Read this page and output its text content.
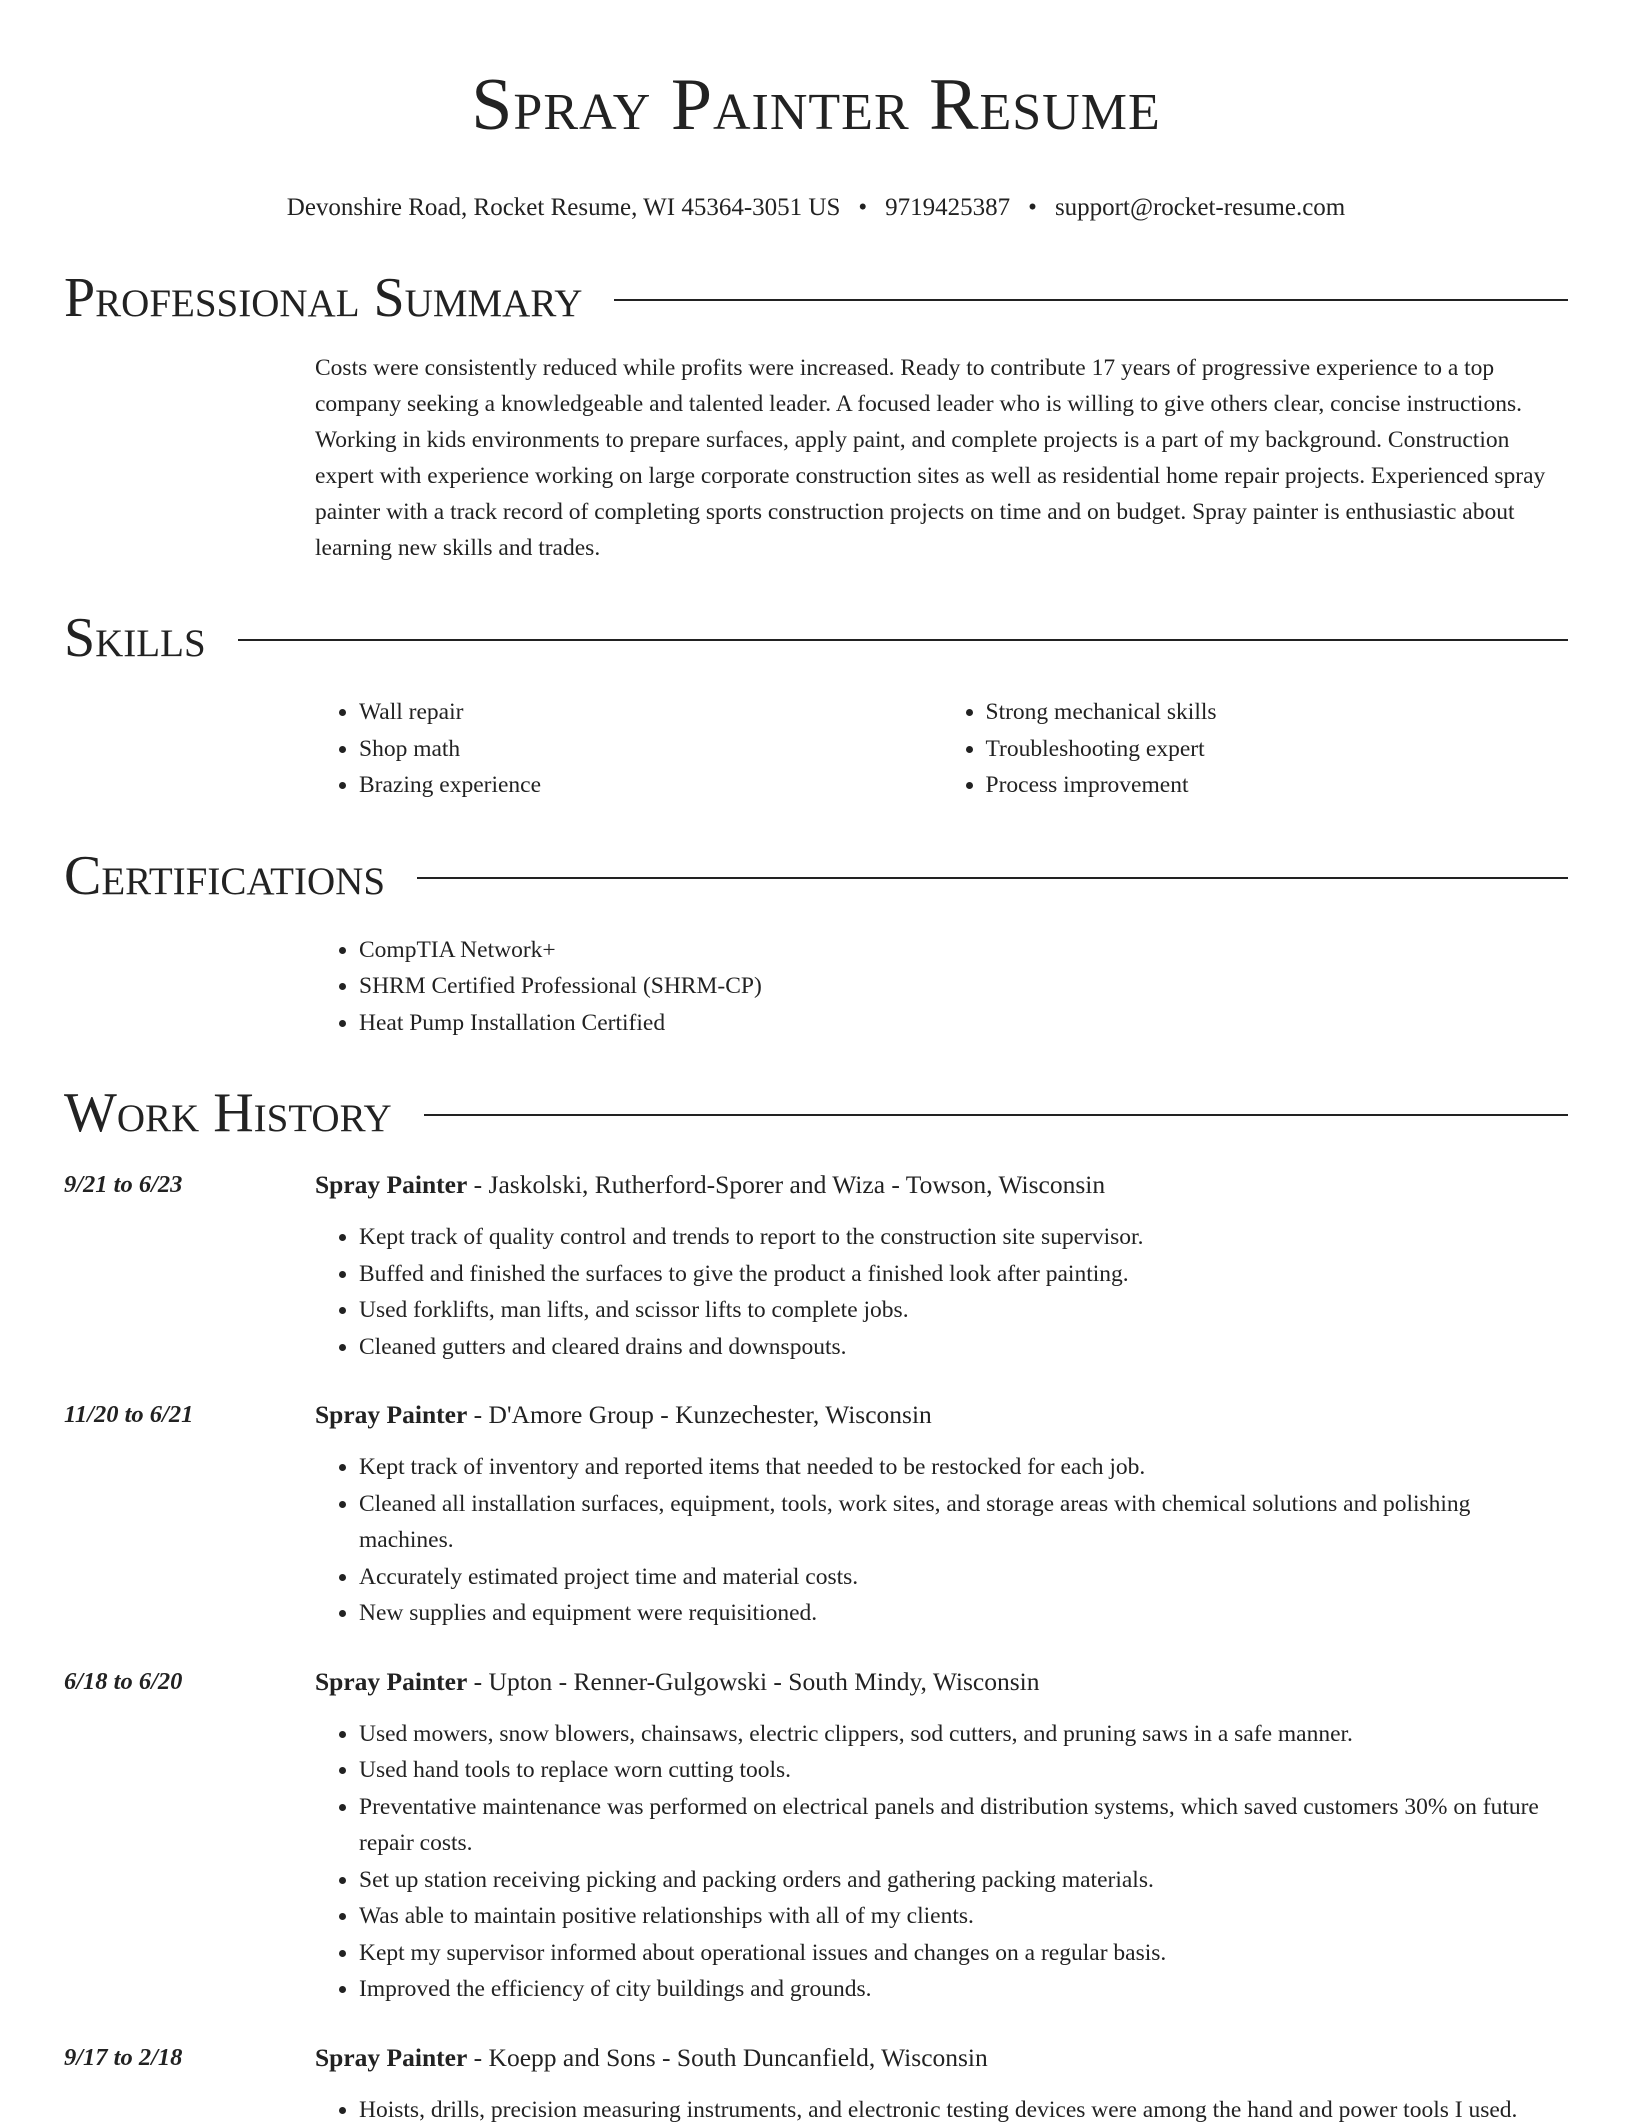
Spray Painter Resume
Devonshire Road, Rocket Resume, WI 45364-3051 US • 9719425387 • support@rocket-resume.com
Professional Summary

Costs were consistently reduced while profits were increased. Ready to contribute 17 years of progressive experience to a top company seeking a knowledgeable and talented leader. A focused leader who is willing to give others clear, concise instructions. Working in kids environments to prepare surfaces, apply paint, and complete projects is a part of my background. Construction expert with experience working on large corporate construction sites as well as residential home repair projects. Experienced spray painter with a track record of completing sports construction projects on time and on budget. Spray painter is enthusiastic about learning new skills and trades.

Skills
• Wall repair
• Shop math
• Brazing experience
• Strong mechanical skills
• Troubleshooting expert
• Process improvement
Certifications
• CompTIA Network+
• SHRM Certified Professional (SHRM-CP)
• Heat Pump Installation Certified
Work History
9/21 to 6/23	Spray Painter - Jaskolski, Rutherford-Sporer and Wiza - Towson, Wisconsin
• Kept track of quality control and trends to report to the construction site supervisor.
• Buffed and finished the surfaces to give the product a finished look after painting.
• Used forklifts, man lifts, and scissor lifts to complete jobs.
• Cleaned gutters and cleared drains and downspouts.
11/20 to 6/21	Spray Painter - D'Amore Group - Kunzechester, Wisconsin
• Kept track of inventory and reported items that needed to be restocked for each job.
• Cleaned all installation surfaces, equipment, tools, work sites, and storage areas with chemical solutions and polishing machines.
• Accurately estimated project time and material costs.
• New supplies and equipment were requisitioned.
6/18 to 6/20	Spray Painter - Upton - Renner-Gulgowski - South Mindy, Wisconsin
• Used mowers, snow blowers, chainsaws, electric clippers, sod cutters, and pruning saws in a safe manner.
• Used hand tools to replace worn cutting tools.
• Preventative maintenance was performed on electrical panels and distribution systems, which saved customers 30% on future repair costs.
• Set up station receiving picking and packing orders and gathering packing materials.
• Was able to maintain positive relationships with all of my clients.
• Kept my supervisor informed about operational issues and changes on a regular basis.
• Improved the efficiency of city buildings and grounds.
9/17 to 2/18	Spray Painter - Koepp and Sons - South Duncanfield, Wisconsin
• Hoists, drills, precision measuring instruments, and electronic testing devices were among the hand and power tools I used.
